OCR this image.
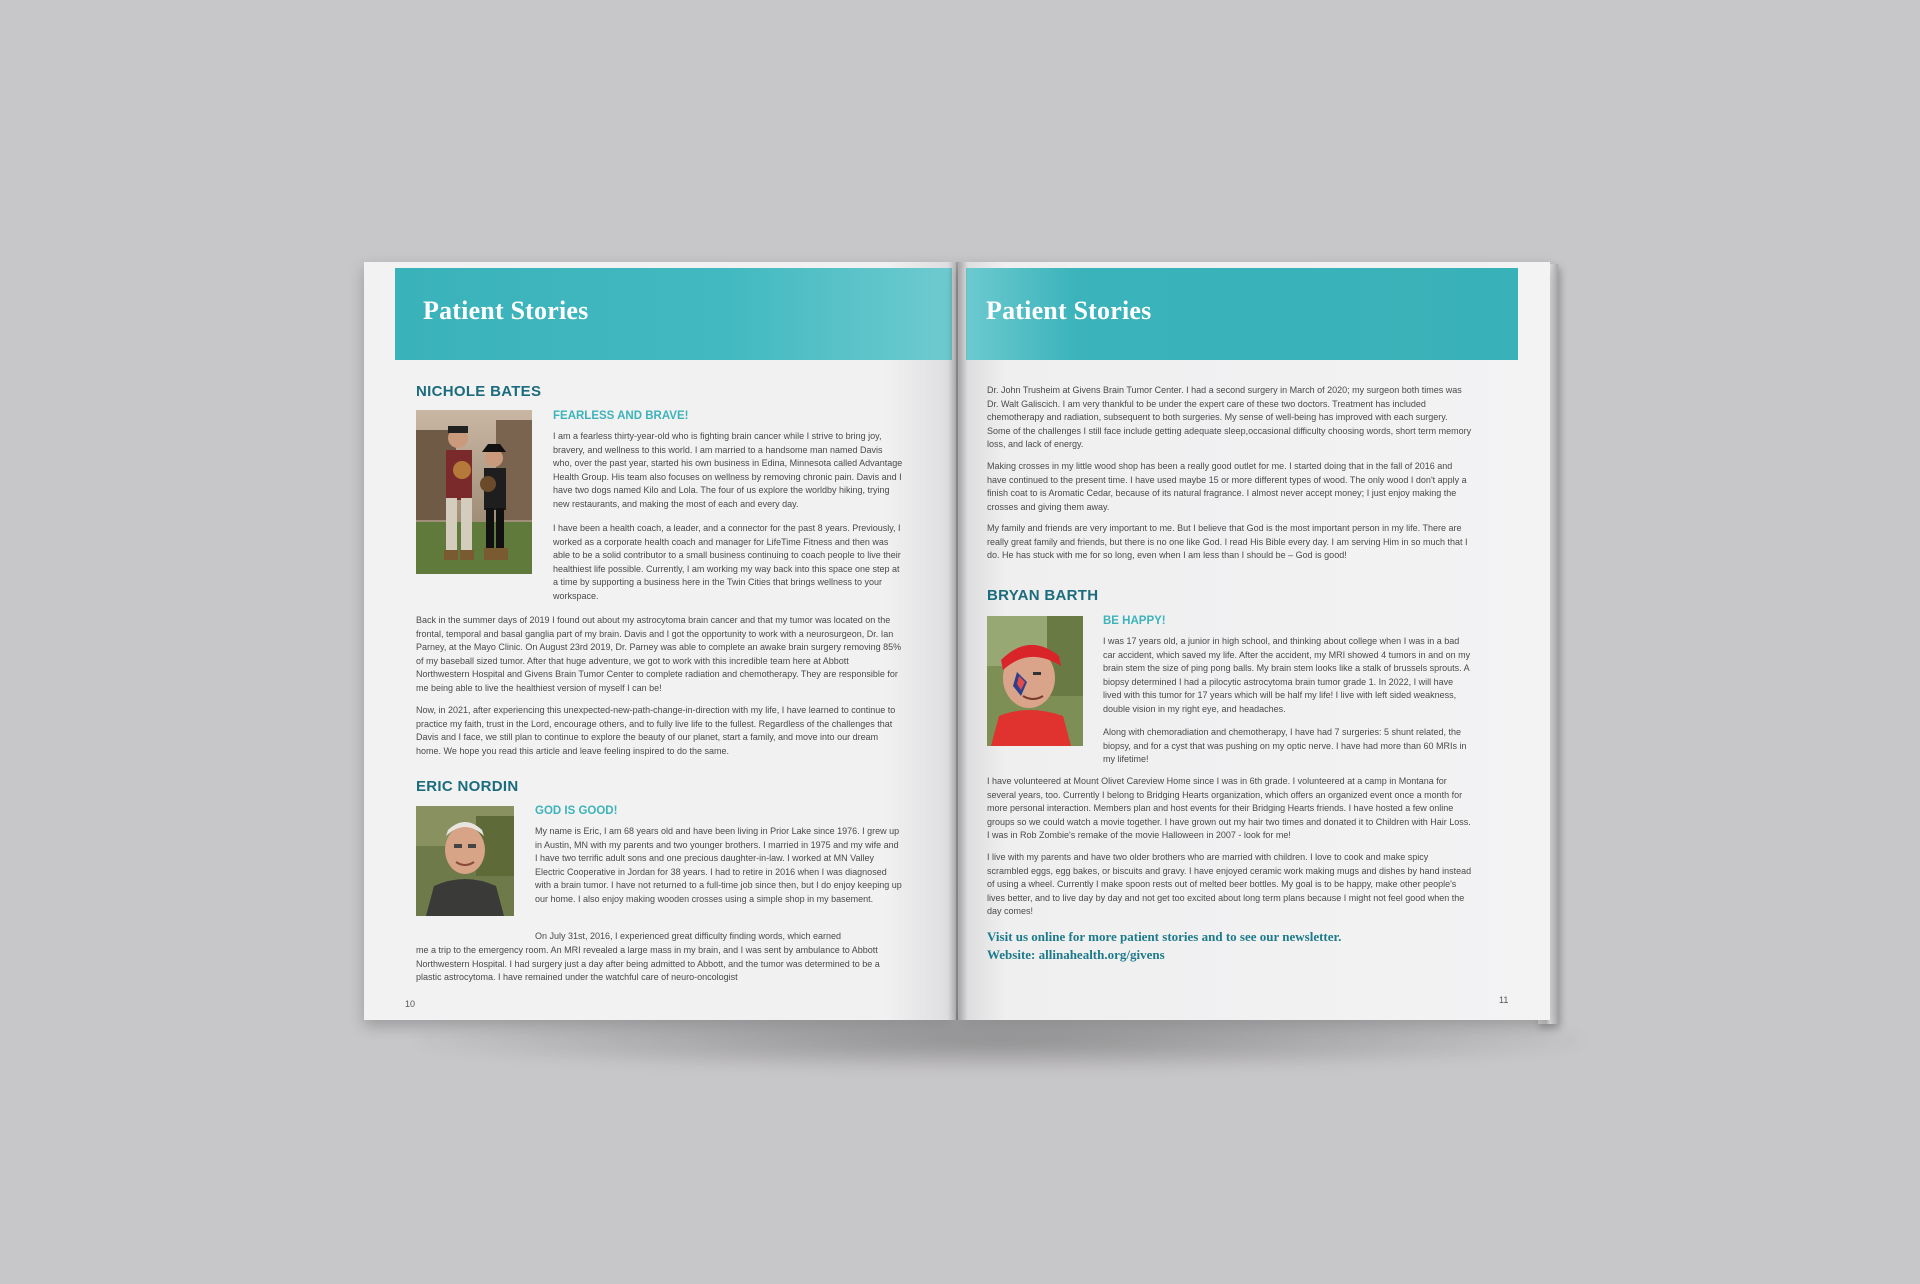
Patient Stories
NICHOLE BATES
FEARLESS AND BRAVE!

I am a fearless thirty-year-old who is fighting brain cancer while I strive to bring joy, bravery, and wellness to this world. I am married to a handsome man named Davis who, over the past year, started his own business in Edina, Minnesota called Advantage Health Group. His team also focuses on wellness by removing chronic pain. Davis and I have two dogs named Kilo and Lola. The four of us explore the worldby hiking, trying new restaurants, and making the most of each and every day.

I have been a health coach, a leader, and a connector for the past 8 years. Previously, I worked as a corporate health coach and manager for LifeTime Fitness and then was able to be a solid contributor to a small business continuing to coach people to live their healthiest life possible. Currently, I am working my way back into this space one step at a time by supporting a business here in the Twin Cities that brings wellness to your workspace.

Back in the summer days of 2019 I found out about my astrocytoma brain cancer and that my tumor was located on the frontal, temporal and basal ganglia part of my brain. Davis and I got the opportunity to work with a neurosurgeon, Dr. Ian Parney, at the Mayo Clinic. On August 23rd 2019, Dr. Parney was able to complete an awake brain surgery removing 85% of my baseball sized tumor. After that huge adventure, we got to work with this incredible team here at Abbott Northwestern Hospital and Givens Brain Tumor Center to complete radiation and chemotherapy. They are responsible for me being able to live the healthiest version of myself I can be!

Now, in 2021, after experiencing this unexpected-new-path-change-in-direction with my life, I have learned to continue to practice my faith, trust in the Lord, encourage others, and to fully live life to the fullest. Regardless of the challenges that Davis and I face, we still plan to continue to explore the beauty of our planet, start a family, and move into our dream home. We hope you read this article and leave feeling inspired to do the same.

ERIC NORDIN
GOD IS GOOD!

My name is Eric, I am 68 years old and have been living in Prior Lake since 1976. I grew up in Austin, MN with my parents and two younger brothers. I married in 1975 and my wife and I have two terrific adult sons and one precious daughter-in-law. I worked at MN Valley Electric Cooperative in Jordan for 38 years. I had to retire in 2016 when I was diagnosed with a brain tumor. I have not returned to a full-time job since then, but I do enjoy keeping up our home. I also enjoy making wooden crosses using a simple shop in my basement.

On July 31st, 2016, I experienced great difficulty finding words, which earned

me a trip to the emergency room. An MRI revealed a large mass in my brain, and I was sent by ambulance to Abbott Northwestern Hospital. I had surgery just a day after being admitted to Abbott, and the tumor was determined to be a plastic astrocytoma. I have remained under the watchful care of neuro-oncologist

10
Patient Stories

Dr. John Trusheim at Givens Brain Tumor Center. I had a second surgery in March of 2020; my surgeon both times was Dr. Walt Galiscich. I am very thankful to be under the expert care of these two doctors. Treatment has included chemotherapy and radiation, subsequent to both surgeries. My sense of well-being has improved with each surgery. Some of the challenges I still face include getting adequate sleep,occasional difficulty choosing words, short term memory loss, and lack of energy.

Making crosses in my little wood shop has been a really good outlet for me. I started doing that in the fall of 2016 and have continued to the present time. I have used maybe 15 or more different types of wood. The only wood I don't apply a finish coat to is Aromatic Cedar, because of its natural fragrance. I almost never accept money; I just enjoy making the crosses and giving them away.

My family and friends are very important to me. But I believe that God is the most important person in my life. There are really great family and friends, but there is no one like God. I read His Bible every day. I am serving Him in so much that I do. He has stuck with me for so long, even when I am less than I should be – God is good!

BRYAN BARTH
BE HAPPY!

I was 17 years old, a junior in high school, and thinking about college when I was in a bad car accident, which saved my life. After the accident, my MRI showed 4 tumors in and on my brain stem the size of ping pong balls. My brain stem looks like a stalk of brussels sprouts. A biopsy determined I had a pilocytic astrocytoma brain tumor grade 1. In 2022, I will have lived with this tumor for 17 years which will be half my life! I live with left sided weakness, double vision in my right eye, and headaches.

Along with chemoradiation and chemotherapy, I have had 7 surgeries: 5 shunt related, the biopsy, and for a cyst that was pushing on my optic nerve. I have had more than 60 MRIs in my lifetime!

I have volunteered at Mount Olivet Careview Home since I was in 6th grade. I volunteered at a camp in Montana for several years, too. Currently I belong to Bridging Hearts organization, which offers an organized event once a month for more personal interaction. Members plan and host events for their Bridging Hearts friends. I have hosted a few online groups so we could watch a movie together. I have grown out my hair two times and donated it to Children with Hair Loss. I was in Rob Zombie's remake of the movie Halloween in 2007 - look for me!

I live with my parents and have two older brothers who are married with children. I love to cook and make spicy scrambled eggs, egg bakes, or biscuits and gravy. I have enjoyed ceramic work making mugs and dishes by hand instead of using a wheel. Currently I make spoon rests out of melted beer bottles. My goal is to be happy, make other people's lives better, and to live day by day and not get too excited about long term plans because I might not feel good when the day comes!

Visit us online for more patient stories and to see our newsletter.
Website: allinahealth.org/givens
11
